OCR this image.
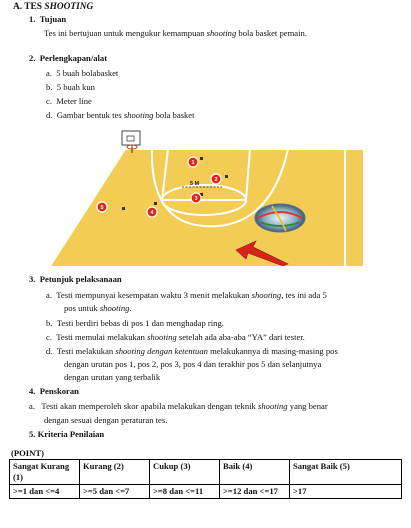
A. TES SHOOTING
1. Tujuan
Tes ini bertujuan untuk mengukur kemampuan shooting bola basket pemain.
2. Perlengkapan/alat
a. 5 buah bolabasket
b. 5 buah kun
c. Meter line
d. Gambar bentuk tes shooting bola basket
5 M
1
2
3
4
5
3. Petunjuk pelaksanaan
a. Testi mempunyai kesempatan waktu 3 menit melakukan shooting, tes ini ada 5
pos untuk shooting.
b. Testi berdiri bebas di pos 1 dan menghadap ring.
c. Testi memulai melakukan shooting setelah ada aba-aba “YA” dari tester.
d. Testi melakukan shooting dengan ketentuan melakukannya di masing-masing pos
dengan urutan pos 1, pos 2, pos 3, pos 4 dan terakhir pos 5 dan selanjutnya
dengan urutan yang terbalik
4. Penskoran
a. Testi akan memperoleh skor apabila melakukan dengan teknik shooting yang benar
dengan sesuai dengan peraturan tes.
5. Kriteria Penilaian
(POINT)
Sangat Kurang (1)	Kurang (2)	Cukup (3)	Baik (4)	Sangat Baik (5)
>=1 dan <=4	>=5 dan <=7	>=8 dan <=11	>=12 dan <=17	>17
